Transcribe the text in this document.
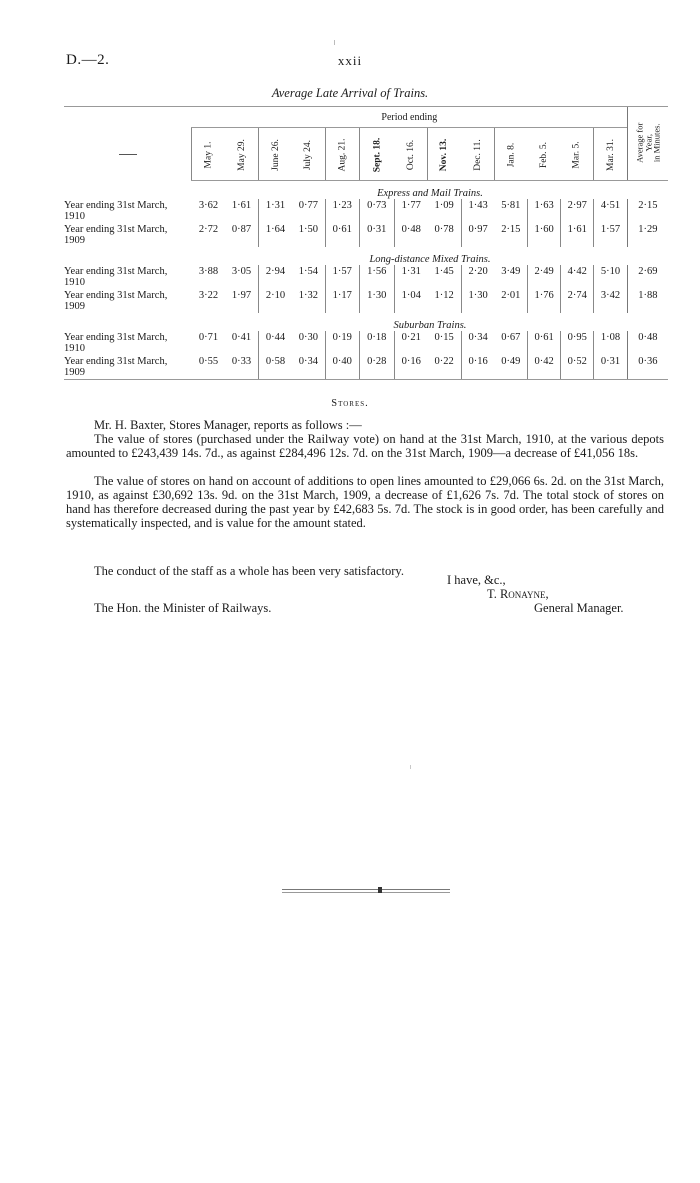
D.—2.	xxii
Average Late Arrival of Trains.

	Period ending													Average for
Year,
in Minutes.

	May 1.	May 29.	June 26.	July 24.	Aug. 21.	Sept. 18.	Oct. 16.	Nov. 13.	Dec. 11.	Jan. 8.	Feb. 5.	Mar. 5.	Mar. 31.	
	Express and Mail Trains.													

Year ending 31st March,
1910	3·62	1·61	1·31	0·77	1·23	0·73	1·77	1·09	1·43	5·81	1·63	2·97	4·51	2·15

Year ending 31st March,
1909	2·72	0·87	1·64	1·50	0·61	0·31	0·48	0·78	0·97	2·15	1·60	1·61	1·57	1·29
	Long-distance Mixed Trains.													

Year ending 31st March,
1910	3·88	3·05	2·94	1·54	1·57	1·56	1·31	1·45	2·20	3·49	2·49	4·42	5·10	2·69

Year ending 31st March,
1909	3·22	1·97	2·10	1·32	1·17	1·30	1·04	1·12	1·30	2·01	1·76	2·74	3·42	1·88
	Suburban Trains.													

Year ending 31st March,
1910	0·71	0·41	0·44	0·30	0·19	0·18	0·21	0·15	0·34	0·67	0·61	0·95	1·08	0·48

Year ending 31st March,
1909	0·55	0·33	0·58	0·34	0·40	0·28	0·16	0·22	0·16	0·49	0·42	0·52	0·31	0·36

Stores.
Mr. H. Baxter, Stores Manager, reports as follows :—
The value of stores (purchased under the Railway vote) on hand at the 31st March, 1910, at the various depots amounted to £243,439 14s. 7d., as against £284,496 12s. 7d. on the 31st March, 1909—a decrease of £41,056 18s.
The value of stores on hand on account of additions to open lines amounted to £29,066 6s. 2d. on the 31st March, 1910, as against £30,692 13s. 9d. on the 31st March, 1909, a decrease of £1,626 7s. 7d. The total stock of stores on hand has therefore decreased during the past year by £42,683 5s. 7d. The stock is in good order, has been carefully and systematically inspected, and is value for the amount stated.
The conduct of the staff as a whole has been very satisfactory.
I have, &c.,
T. Ronayne,
The Hon. the Minister of Railways.	General Manager.
